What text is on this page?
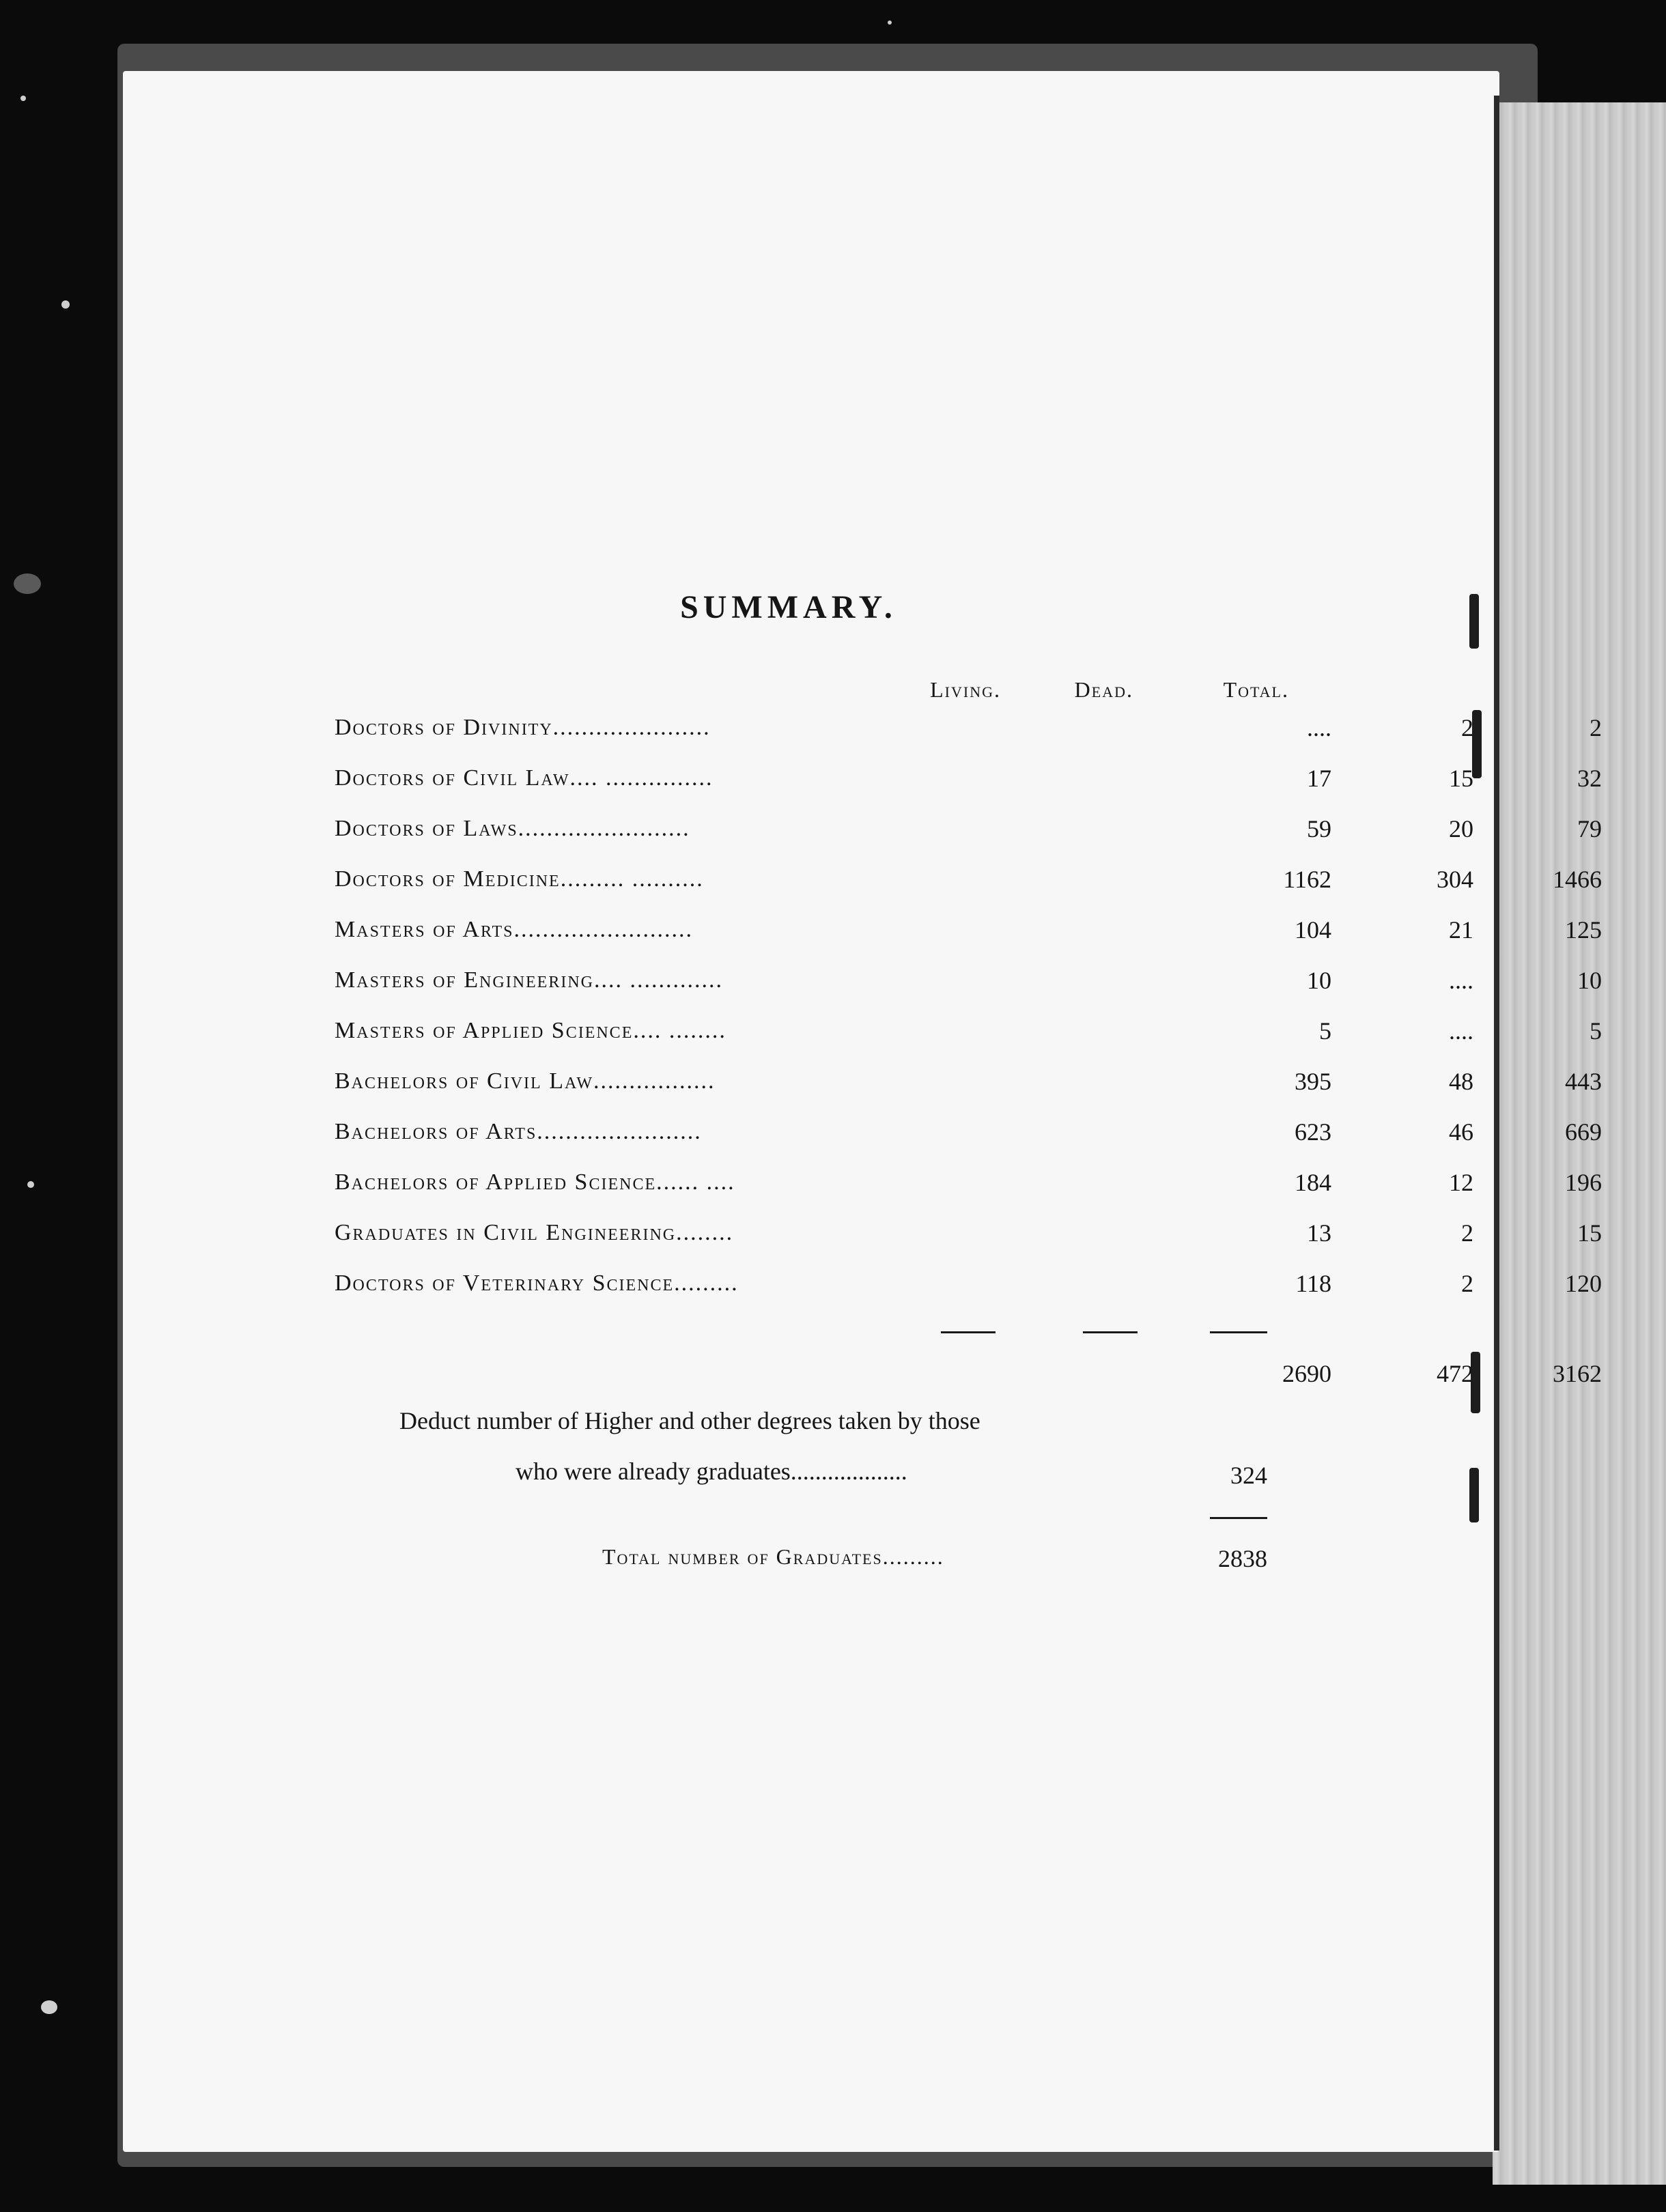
SUMMARY.
Living.	Dead.	Total.
Doctors of Divinity......................	....	2	2
Doctors of Civil Law.... ...............	17	15	32
Doctors of Laws........................	59	20	79
Doctors of Medicine......... ..........	1162	304	1466
Masters of Arts.........................	104	21	125
Masters of Engineering.... .............	10	....	10
Masters of Applied Science.... ........	5	....	5
Bachelors of Civil Law.................	395	48	443
Bachelors of Arts.......................	623	46	669
Bachelors of Applied Science...... ....	184	12	196
Graduates in Civil Engineering........	13	2	15
Doctors of Veterinary Science.........	118	2	120
2690	472	3162
Deduct number of Higher and other degrees taken by those
who were already graduates...................	324
Total number of Graduates.........	2838
